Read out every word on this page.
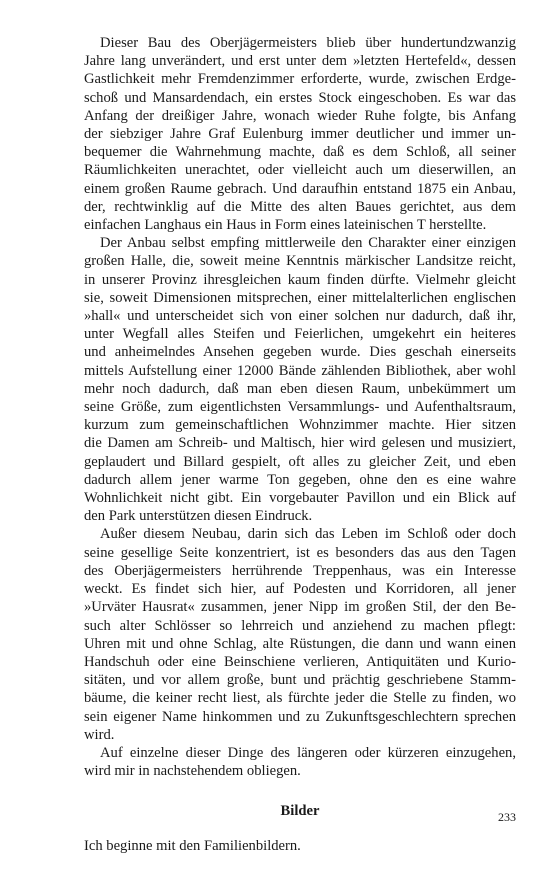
Dieser Bau des Oberjägermeisters blieb über hundertundzwanzig
Jahre lang unverändert, und erst unter dem »letzten Hertefeld«, dessen
Gastlichkeit mehr Fremdenzimmer erforderte, wurde, zwischen Erdge-
schoß und Mansardendach, ein erstes Stock eingeschoben. Es war das
Anfang der dreißiger Jahre, wonach wieder Ruhe folgte, bis Anfang
der siebziger Jahre Graf Eulenburg immer deutlicher und immer un-
bequemer die Wahrnehmung machte, daß es dem Schloß, all seiner
Räumlichkeiten unerachtet, oder vielleicht auch um dieserwillen, an
einem großen Raume gebrach. Und daraufhin entstand 1875 ein Anbau,
der, rechtwinklig auf die Mitte des alten Baues gerichtet, aus dem
einfachen Langhaus ein Haus in Form eines lateinischen T herstellte.

Der Anbau selbst empfing mittlerweile den Charakter einer einzigen
großen Halle, die, soweit meine Kenntnis märkischer Landsitze reicht,
in unserer Provinz ihresgleichen kaum finden dürfte. Vielmehr gleicht
sie, soweit Dimensionen mitsprechen, einer mittelalterlichen englischen
»hall« und unterscheidet sich von einer solchen nur dadurch, daß ihr,
unter Wegfall alles Steifen und Feierlichen, umgekehrt ein heiteres
und anheimelndes Ansehen gegeben wurde. Dies geschah einerseits
mittels Aufstellung einer 12000 Bände zählenden Bibliothek, aber wohl
mehr noch dadurch, daß man eben diesen Raum, unbekümmert um
seine Größe, zum eigentlichsten Versammlungs- und Aufenthaltsraum,
kurzum zum gemeinschaftlichen Wohnzimmer machte. Hier sitzen
die Damen am Schreib- und Maltisch, hier wird gelesen und musiziert,
geplaudert und Billard gespielt, oft alles zu gleicher Zeit, und eben
dadurch allem jener warme Ton gegeben, ohne den es eine wahre
Wohnlichkeit nicht gibt. Ein vorgebauter Pavillon und ein Blick auf
den Park unterstützen diesen Eindruck.

Außer diesem Neubau, darin sich das Leben im Schloß oder doch
seine gesellige Seite konzentriert, ist es besonders das aus den Tagen
des Oberjägermeisters herrührende Treppenhaus, was ein Interesse
weckt. Es findet sich hier, auf Podesten und Korridoren, all jener
»Urväter Hausrat« zusammen, jener Nipp im großen Stil, der den Be-
such alter Schlösser so lehrreich und anziehend zu machen pflegt:
Uhren mit und ohne Schlag, alte Rüstungen, die dann und wann einen
Handschuh oder eine Beinschiene verlieren, Antiquitäten und Kurio-
sitäten, und vor allem große, bunt und prächtig geschriebene Stamm-
bäume, die keiner recht liest, als fürchte jeder die Stelle zu finden, wo
sein eigener Name hinkommen und zu Zukunftsgeschlechtern sprechen
wird.

Auf einzelne dieser Dinge des längeren oder kürzeren einzugehen,
wird mir in nachstehendem obliegen.

Bilder
Ich beginne mit den Familienbildern.
233
